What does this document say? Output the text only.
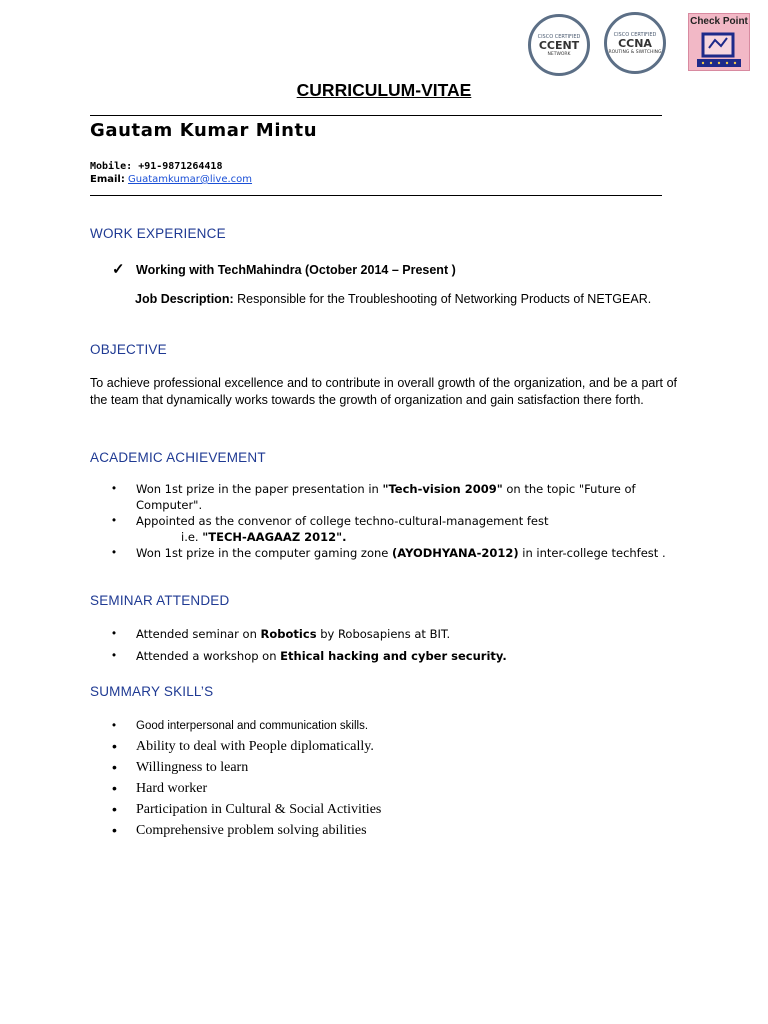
CISCO CERTIFIED
CCENT
NETWORK
CISCO CERTIFIED
CCNA
ROUTING & SWITCHING
Check Point
CURRICULUM-VITAE
Gautam Kumar Mintu
Mobile: +91-9871264418
Email: Guatamkumar@live.com
WORK EXPERIENCE
✓ Working with TechMahindra (October 2014 – Present )
Job Description: Responsible for the Troubleshooting of Networking Products of NETGEAR.
OBJECTIVE
To achieve professional excellence and to contribute in overall growth of the organization, and be a part of the team that dynamically works towards the growth of organization and gain satisfaction there forth.
ACADEMIC ACHIEVEMENT
• Won 1st prize in the paper presentation in "Tech-vision 2009" on the topic "Future of Computer".
• Appointed as the convenor of college techno-cultural-management fest
i.e. "TECH-AAGAAZ 2012".
• Won 1st prize in the computer gaming zone (AYODHYANA-2012) in inter-college techfest .
SEMINAR ATTENDED
• Attended seminar on Robotics by Robosapiens at BIT.
• Attended a workshop on Ethical hacking and cyber security.
SUMMARY SKILL’S
• Good interpersonal and communication skills.
• Ability to deal with People diplomatically.
• Willingness to learn
• Hard worker
• Participation in Cultural & Social Activities
• Comprehensive problem solving abilities
